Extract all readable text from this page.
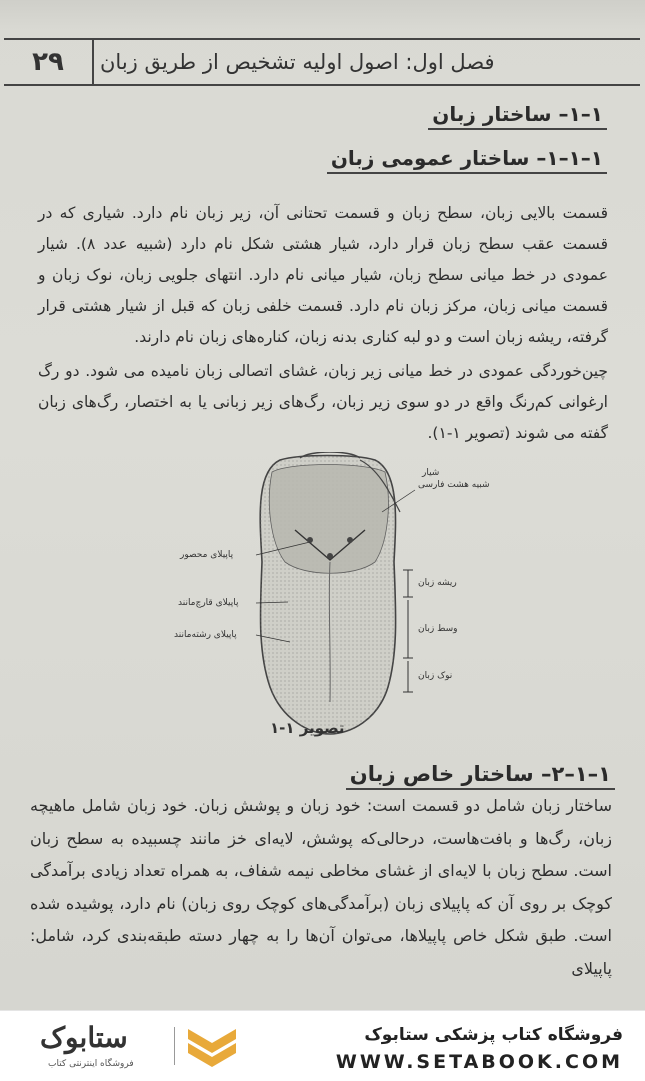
۲۹	فصل اول: اصول اولیه تشخیص از طریق زبان
۱–۱– ساختار زبان
۱–۱–۱– ساختار عمومی زبان
قسمت بالایی زبان، سطح زبان و قسمت تحتانی آن، زیر زبان نام دارد. شیاری که در قسمت عقب سطح زبان قرار دارد، شیار هشتی شکل نام دارد (شبیه عدد ۸). شیار عمودی در خط میانی سطح زبان، شیار میانی نام دارد. انتهای جلویی زبان، نوک زبان و قسمت میانی زبان، مرکز زبان نام دارد. قسمت خلفی زبان که قبل از شیار هشتی قرار گرفته، ریشه زبان است و دو لبه کناری بدنه زبان، کناره‌های زبان نام دارند.
چین‌خوردگی عمودی در خط میانی زیر زبان، غشای اتصالی زبان نامیده می شود. دو رگ ارغوانی کم‌رنگ واقع در دو سوی زیر زبان، رگ‌های زیر زبانی یا به اختصار، رگ‌های زبان گفته می شوند (تصویر ۱-۱).
شیار
شبیه هشت فارسی
پاپیلای محصور
پاپیلای قارچ‌مانند
پاپیلای رشته‌مانند
ریشه زبان
وسط زبان
نوک زبان
تصویر ۱-۱
۱–۱–۲– ساختار خاص زبان
ساختار زبان شامل دو قسمت است: خود زبان و پوشش زبان. خود زبان شامل ماهیچه زبان، رگ‌ها و بافت‌هاست، درحالی‌که پوشش، لایه‌ای خز مانند چسبیده به سطح زبان است. سطح زبان با لایه‌ای از غشای مخاطی نیمه شفاف، به همراه تعداد زیادی برآمدگی کوچک بر روی آن که پاپیلای زبان (برآمدگی‌های کوچک روی زبان) نام دارد، پوشیده شده است. طبق شکل خاص پاپیلاها، می‌توان آن‌ها را به چهار دسته طبقه‌بندی کرد، شامل: پاپیلای
ستابوک
فروشگاه اینترنتی کتاب
فروشگاه کتاب پزشکی ستابوک
WWW.SETABOOK.COM
